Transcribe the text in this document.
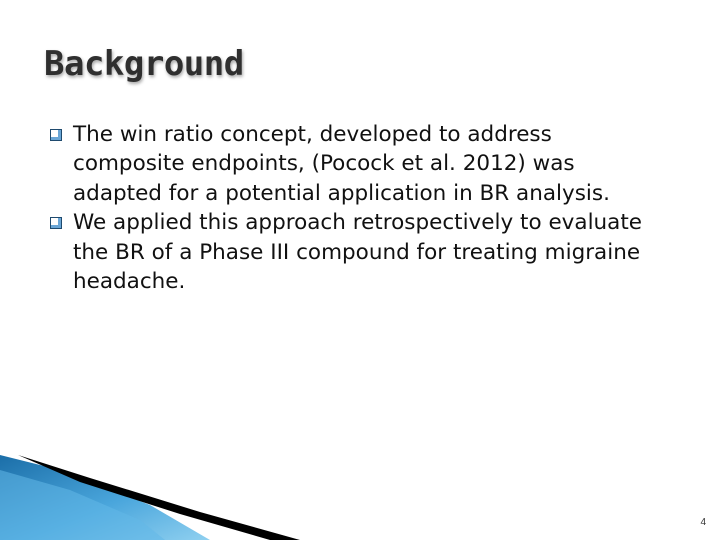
Background
The win ratio concept, developed to address composite endpoints, (Pocock et al. 2012) was adapted for a potential application in BR analysis.
We applied this approach retrospectively to evaluate the BR of a Phase III compound for treating migraine headache.
4
